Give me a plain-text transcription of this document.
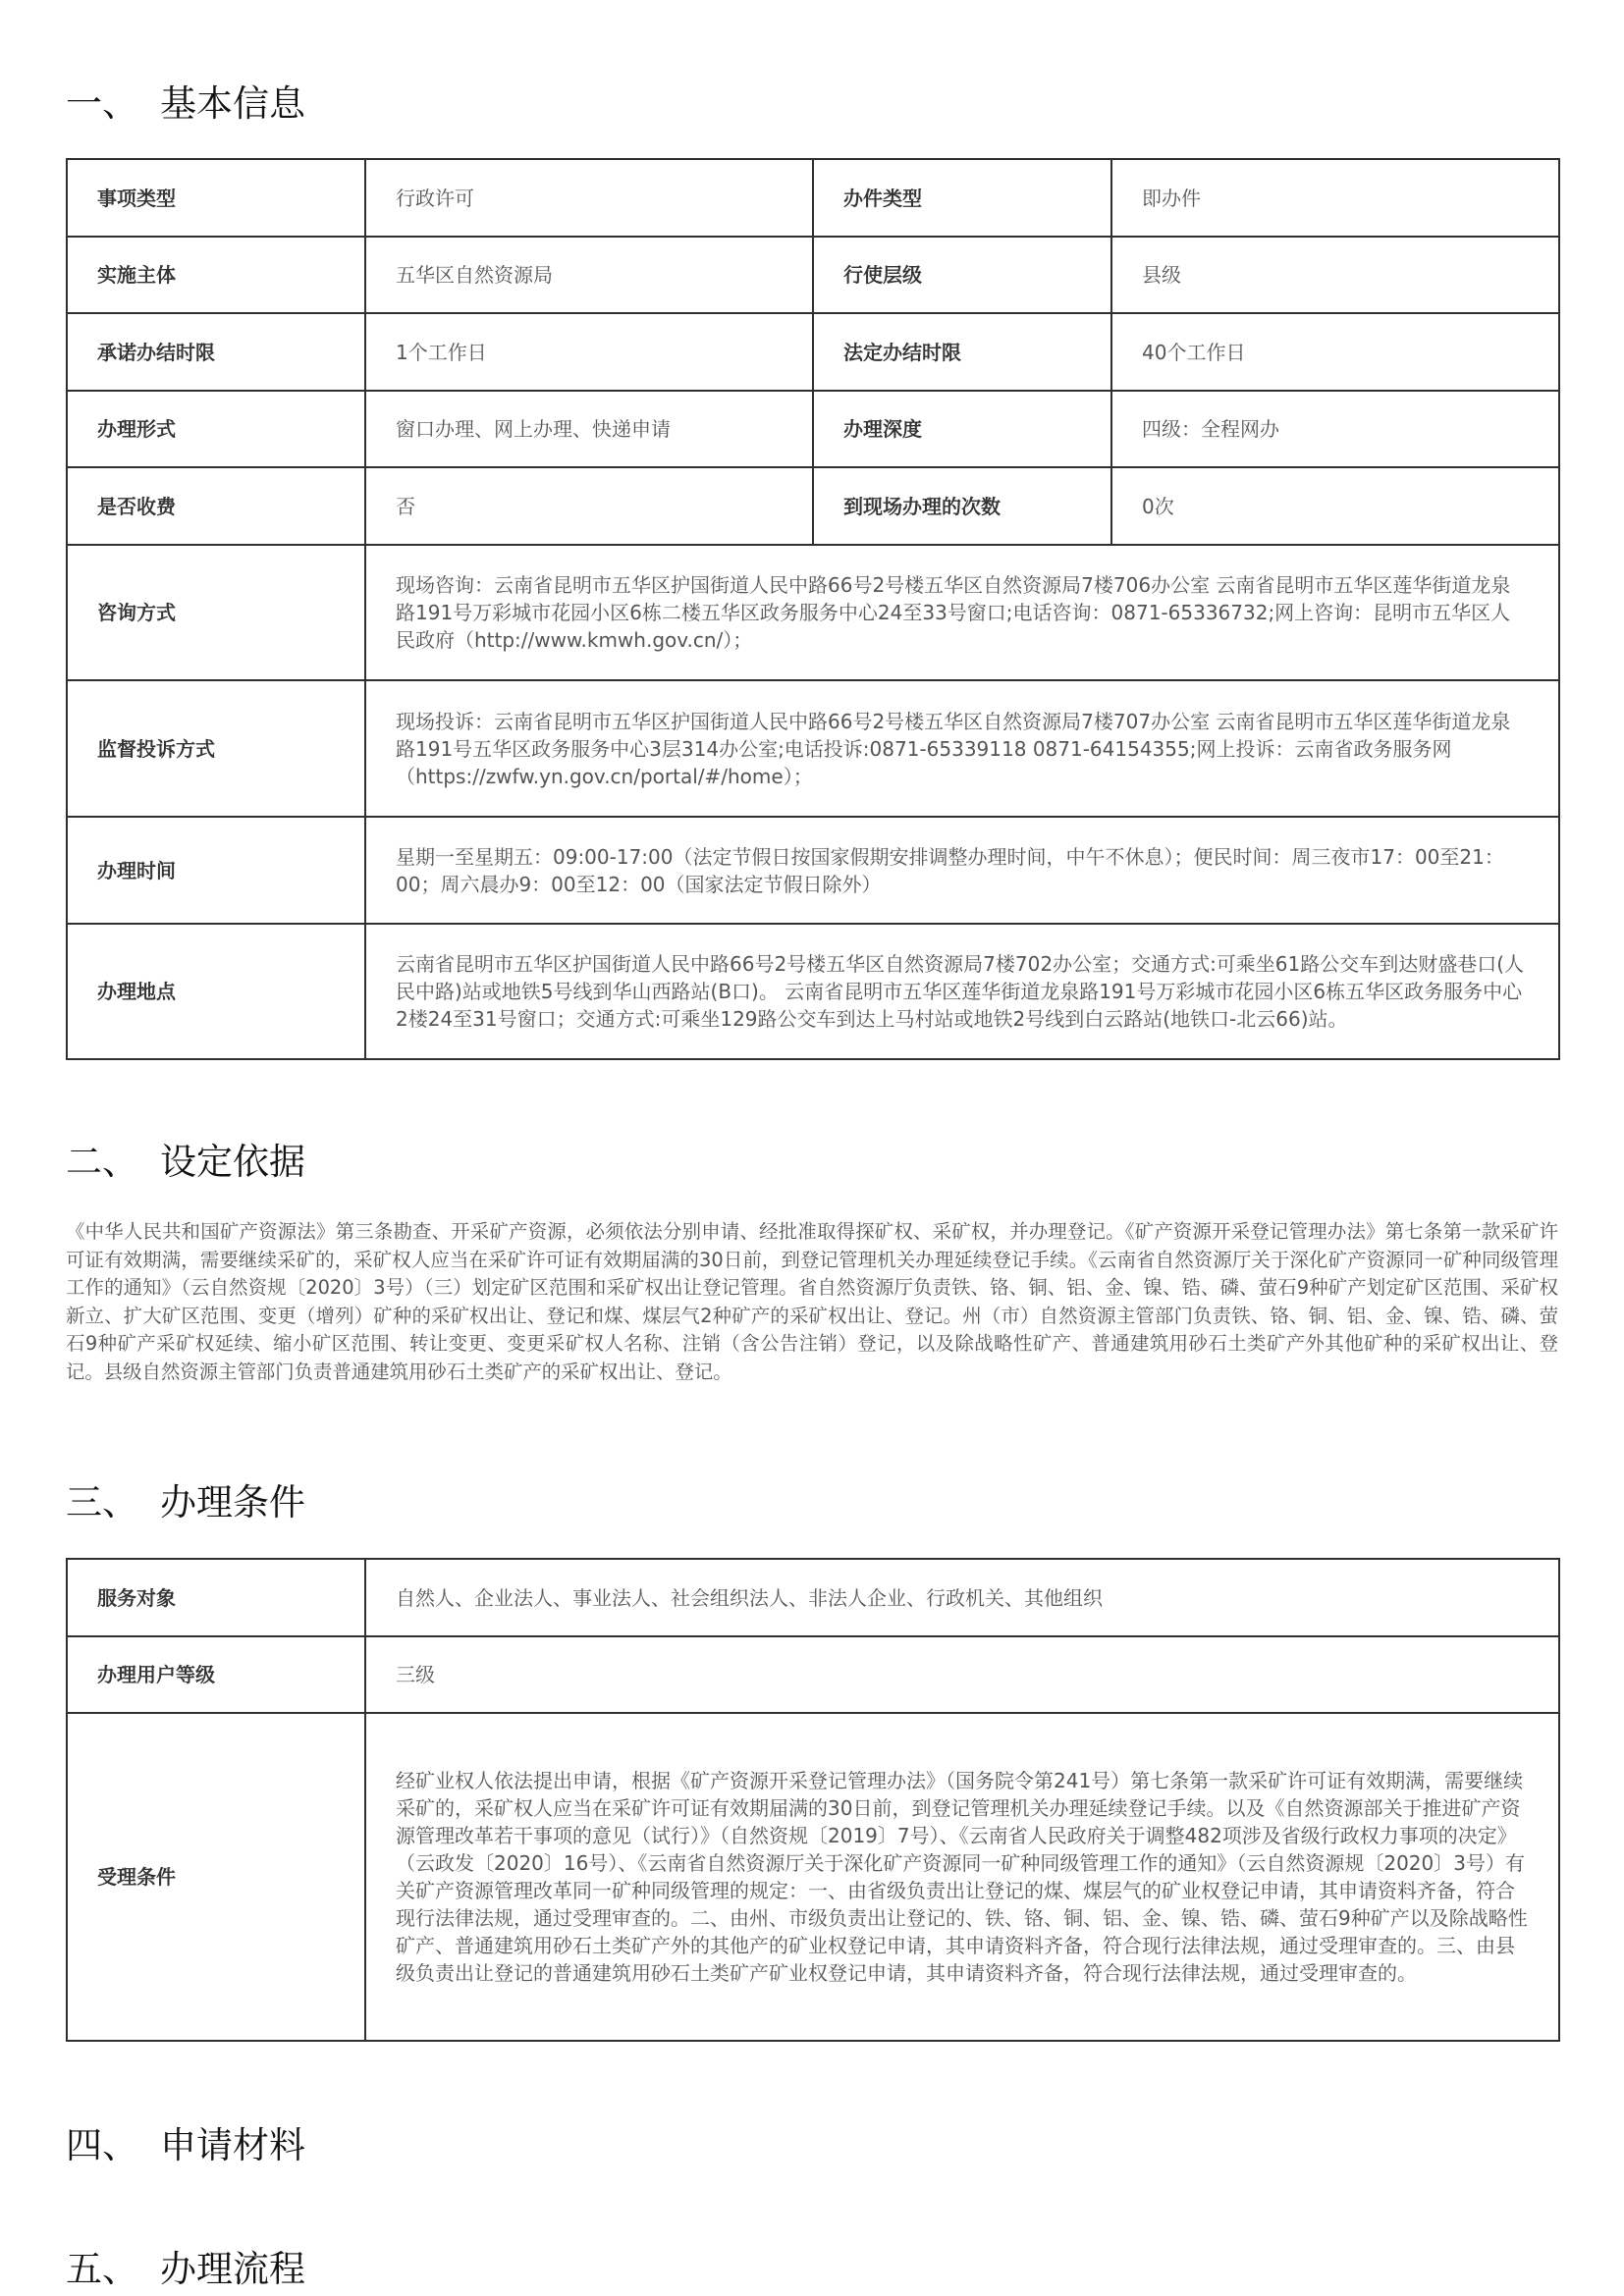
一、 基本信息
事项类型	行政许可	办件类型	即办件
实施主体	五华区自然资源局	行使层级	县级
承诺办结时限	1个工作日	法定办结时限	40个工作日
办理形式	窗口办理、网上办理、快递申请	办理深度	四级：全程网办
是否收费	否	到现场办理的次数	0次
咨询方式	现场咨询：云南省昆明市五华区护国街道人民中路66号2号楼五华区自然资源局7楼706办公室 云南省昆明市五华区莲华街道龙泉路191号万彩城市花园小区6栋二楼五华区政务服务中心24至33号窗口;电话咨询：0871-65336732;网上咨询：昆明市五华区人民政府（http://www.kmwh.gov.cn/）；		
监督投诉方式	现场投诉：云南省昆明市五华区护国街道人民中路66号2号楼五华区自然资源局7楼707办公室 云南省昆明市五华区莲华街道龙泉路191号五华区政务服务中心3层314办公室;电话投诉:0871-65339118 0871-64154355;网上投诉：云南省政务服务网（https://zwfw.yn.gov.cn/portal/#/home）；		
办理时间	星期一至星期五：09:00-17:00（法定节假日按国家假期安排调整办理时间，中午不休息）；便民时间：周三夜市17：00至21：00；周六晨办9：00至12：00（国家法定节假日除外）		
办理地点	云南省昆明市五华区护国街道人民中路66号2号楼五华区自然资源局7楼702办公室；交通方式:可乘坐61路公交车到达财盛巷口(人民中路)站或地铁5号线到华山西路站(B口)。 云南省昆明市五华区莲华街道龙泉路191号万彩城市花园小区6栋五华区政务服务中心2楼24至31号窗口；交通方式:可乘坐129路公交车到达上马村站或地铁2号线到白云路站(地铁口-北云66)站。		
二、 设定依据

《中华人民共和国矿产资源法》第三条勘查、开采矿产资源，必须依法分别申请、经批准取得探矿权、采矿权，并办理登记。《矿产资源开采登记管理办法》第七条第一款采矿许可证有效期满，需要继续采矿的，采矿权人应当在采矿许可证有效期届满的30日前，到登记管理机关办理延续登记手续。《云南省自然资源厅关于深化矿产资源同一矿种同级管理工作的通知》（云自然资规〔2020〕3号）（三）划定矿区范围和采矿权出让登记管理。省自然资源厅负责铁、铬、铜、铝、金、镍、锆、磷、萤石9种矿产划定矿区范围、采矿权新立、扩大矿区范围、变更（增列）矿种的采矿权出让、登记和煤、煤层气2种矿产的采矿权出让、登记。州（市）自然资源主管部门负责铁、铬、铜、铝、金、镍、锆、磷、萤石9种矿产采矿权延续、缩小矿区范围、转让变更、变更采矿权人名称、注销（含公告注销）登记，以及除战略性矿产、普通建筑用砂石土类矿产外其他矿种的采矿权出让、登记。县级自然资源主管部门负责普通建筑用砂石土类矿产的采矿权出让、登记。

三、 办理条件
服务对象	自然人、企业法人、事业法人、社会组织法人、非法人企业、行政机关、其他组织
办理用户等级	三级
受理条件	经矿业权人依法提出申请，根据《矿产资源开采登记管理办法》（国务院令第241号）第七条第一款采矿许可证有效期满，需要继续采矿的，采矿权人应当在采矿许可证有效期届满的30日前，到登记管理机关办理延续登记手续。以及《自然资源部关于推进矿产资源管理改革若干事项的意见（试行）》（自然资规〔2019〕7号）、《云南省人民政府关于调整482项涉及省级行政权力事项的决定》（云政发〔2020〕16号）、《云南省自然资源厅关于深化矿产资源同一矿种同级管理工作的通知》（云自然资源规〔2020〕3号）有关矿产资源管理改革同一矿种同级管理的规定：一、由省级负责出让登记的煤、煤层气的矿业权登记申请，其申请资料齐备，符合现行法律法规，通过受理审查的。二、由州、市级负责出让登记的、铁、铬、铜、铝、金、镍、锆、磷、萤石9种矿产以及除战略性矿产、普通建筑用砂石土类矿产外的其他产的矿业权登记申请，其申请资料齐备，符合现行法律法规，通过受理审查的。三、由县级负责出让登记的普通建筑用砂石土类矿产矿业权登记申请，其申请资料齐备，符合现行法律法规，通过受理审查的。
四、 申请材料
五、 办理流程
